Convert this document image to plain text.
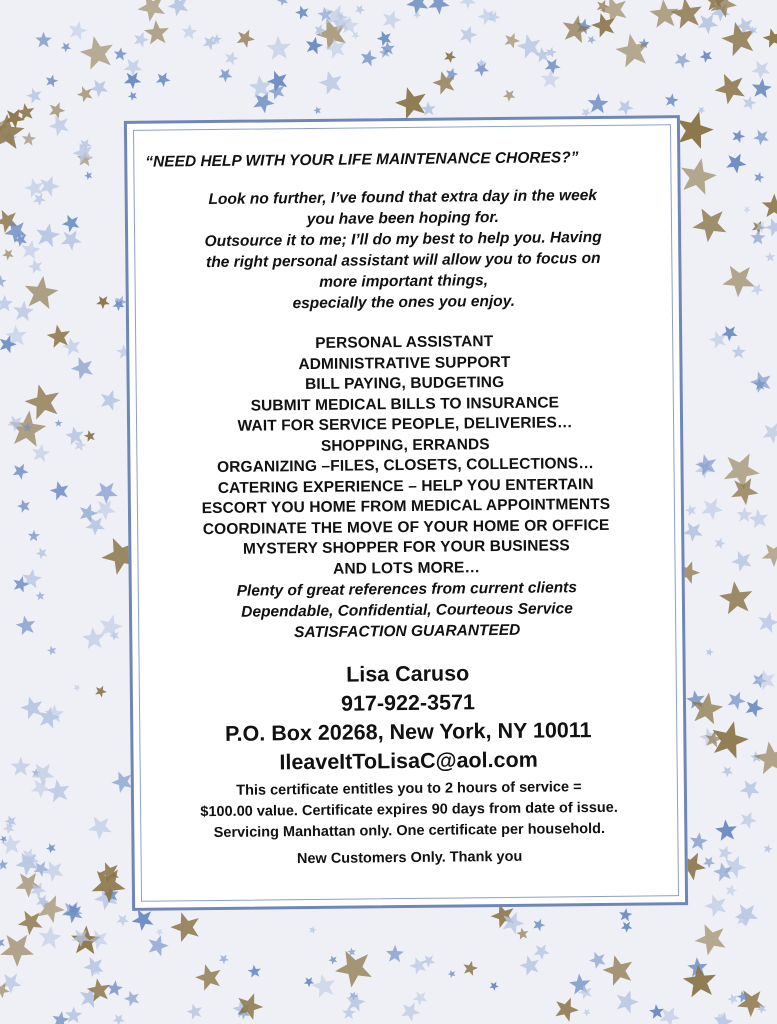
“NEED HELP WITH YOUR LIFE MAINTENANCE CHORES?”

Look no further, I’ve found that extra day in the week

you have been hoping for.

Outsource it to me; I’ll do my best to help you. Having

the right personal assistant will allow you to focus on

more important things,

especially the ones you enjoy.

PERSONAL ASSISTANT

ADMINISTRATIVE SUPPORT

BILL PAYING, BUDGETING

SUBMIT MEDICAL BILLS TO INSURANCE

WAIT FOR SERVICE PEOPLE, DELIVERIES…

SHOPPING, ERRANDS

ORGANIZING –FILES, CLOSETS, COLLECTIONS…

CATERING EXPERIENCE – HELP YOU ENTERTAIN

ESCORT YOU HOME FROM MEDICAL APPOINTMENTS

COORDINATE THE MOVE OF YOUR HOME OR OFFICE

MYSTERY SHOPPER FOR YOUR BUSINESS

AND LOTS MORE…

Plenty of great references from current clients

Dependable, Confidential, Courteous Service

SATISFACTION GUARANTEED

Lisa Caruso

917-922-3571

P.O. Box 20268, New York, NY 10011

IleaveItToLisaC@aol.com

This certificate entitles you to 2 hours of service =

$100.00 value. Certificate expires 90 days from date of issue.

Servicing Manhattan only. One certificate per household.

New Customers Only. Thank you
